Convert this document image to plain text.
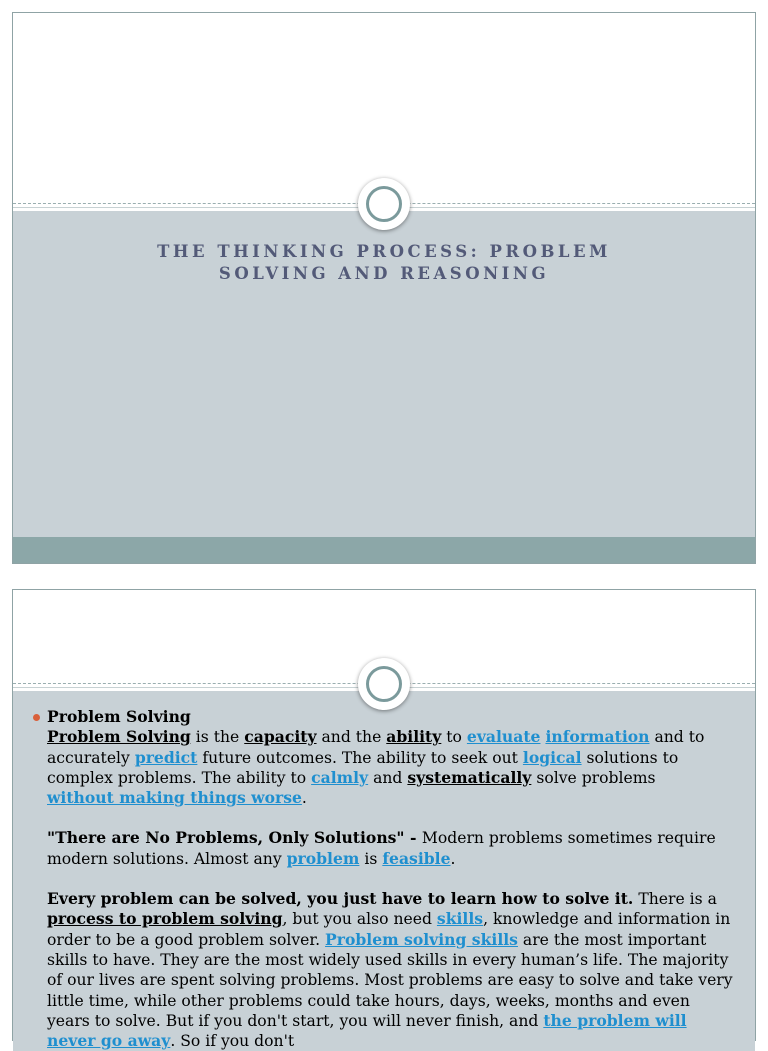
THE THINKING PROCESS: PROBLEM
SOLVING AND REASONING

Problem Solving

Problem Solving is the capacity and the ability to evaluate information and to accurately predict future outcomes. The ability to seek out logical solutions to complex problems. The ability to calmly and systematically solve problems
without making things worse.

"There are No Problems, Only Solutions" - Modern problems sometimes require modern solutions. Almost any problem is feasible.

Every problem can be solved, you just have to learn how to solve it. There is a process to problem solving, but you also need skills, knowledge and information in order to be a good problem solver. Problem solving skills are the most important skills to have. They are the most widely used skills in every human’s life. The majority of our lives are spent solving problems. Most problems are easy to solve and take very little time, while other problems could take hours, days, weeks, months and even years to solve. But if you don't start, you will never finish, and the problem will never go away. So if you don't
